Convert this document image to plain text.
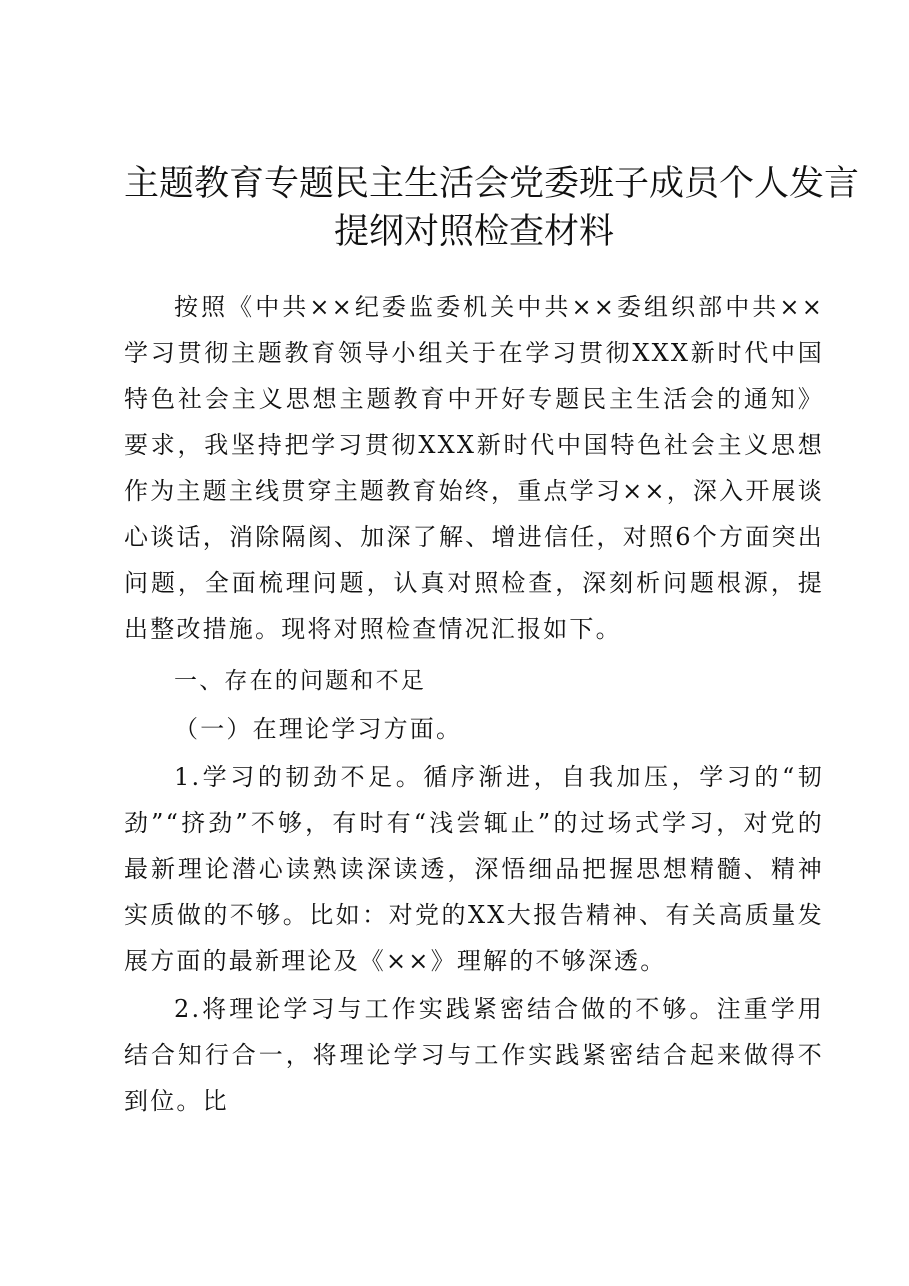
主题教育专题民主生活会党委班子成员个人发言
提纲对照检查材料

按照《中共××纪委监委机关中共××委组织部中共××学习贯彻主题教育领导小组关于在学习贯彻XXX新时代中国特色社会主义思想主题教育中开好专题民主生活会的通知》要求，我坚持把学习贯彻XXX新时代中国特色社会主义思想作为主题主线贯穿主题教育始终，重点学习××，深入开展谈心谈话，消除隔阂、加深了解、增进信任，对照6个方面突出问题，全面梳理问题，认真对照检查，深刻析问题根源，提出整改措施。现将对照检查情况汇报如下。

一、存在的问题和不足

（一）在理论学习方面。

1.学习的韧劲不足。循序渐进，自我加压，学习的“韧劲”“挤劲”不够，有时有“浅尝辄止”的过场式学习，对党的最新理论潜心读熟读深读透，深悟细品把握思想精髓、精神实质做的不够。比如：对党的XX大报告精神、有关高质量发展方面的最新理论及《××》理解的不够深透。

2.将理论学习与工作实践紧密结合做的不够。注重学用结合知行合一，将理论学习与工作实践紧密结合起来做得不到位。比
